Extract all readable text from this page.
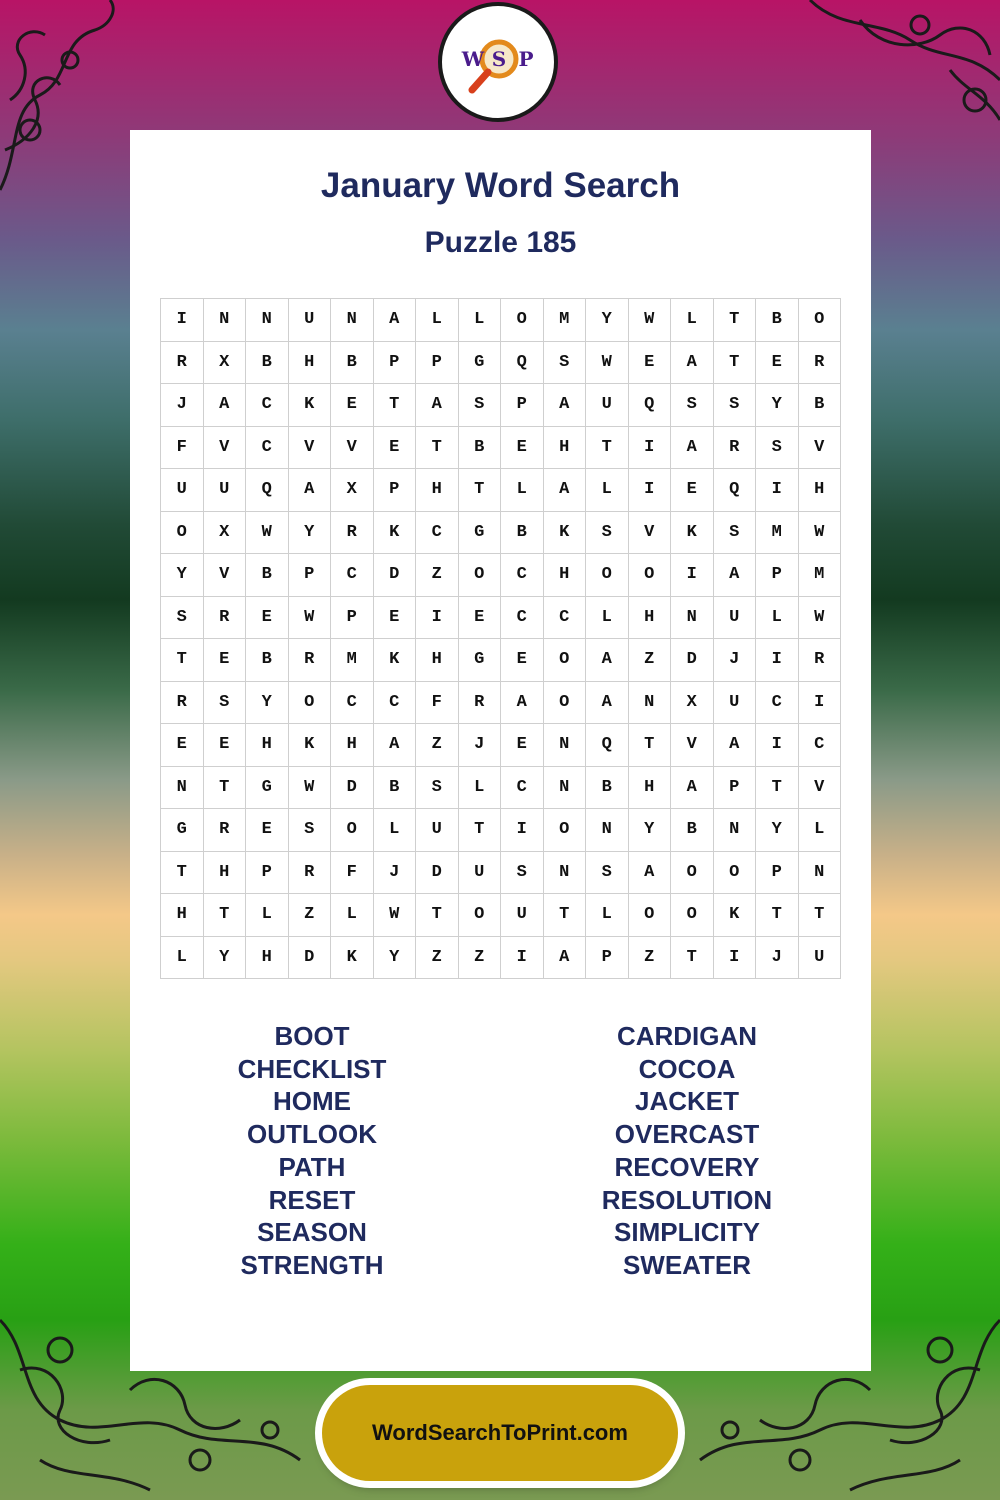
W S P
January Word Search
Puzzle 185
I	N	N	U	N	A	L	L	O	M	Y	W	L	T	B	O
R	X	B	H	B	P	P	G	Q	S	W	E	A	T	E	R
J	A	C	K	E	T	A	S	P	A	U	Q	S	S	Y	B
F	V	C	V	V	E	T	B	E	H	T	I	A	R	S	V
U	U	Q	A	X	P	H	T	L	A	L	I	E	Q	I	H
O	X	W	Y	R	K	C	G	B	K	S	V	K	S	M	W
Y	V	B	P	C	D	Z	O	C	H	O	O	I	A	P	M
S	R	E	W	P	E	I	E	C	C	L	H	N	U	L	W
T	E	B	R	M	K	H	G	E	O	A	Z	D	J	I	R
R	S	Y	O	C	C	F	R	A	O	A	N	X	U	C	I
E	E	H	K	H	A	Z	J	E	N	Q	T	V	A	I	C
N	T	G	W	D	B	S	L	C	N	B	H	A	P	T	V
G	R	E	S	O	L	U	T	I	O	N	Y	B	N	Y	L
T	H	P	R	F	J	D	U	S	N	S	A	O	O	P	N
H	T	L	Z	L	W	T	O	U	T	L	O	O	K	T	T
L	Y	H	D	K	Y	Z	Z	I	A	P	Z	T	I	J	U
BOOT
CHECKLIST
HOME
OUTLOOK
PATH
RESET
SEASON
STRENGTH
CARDIGAN
COCOA
JACKET
OVERCAST
RECOVERY
RESOLUTION
SIMPLICITY
SWEATER
WordSearchToPrint.com
